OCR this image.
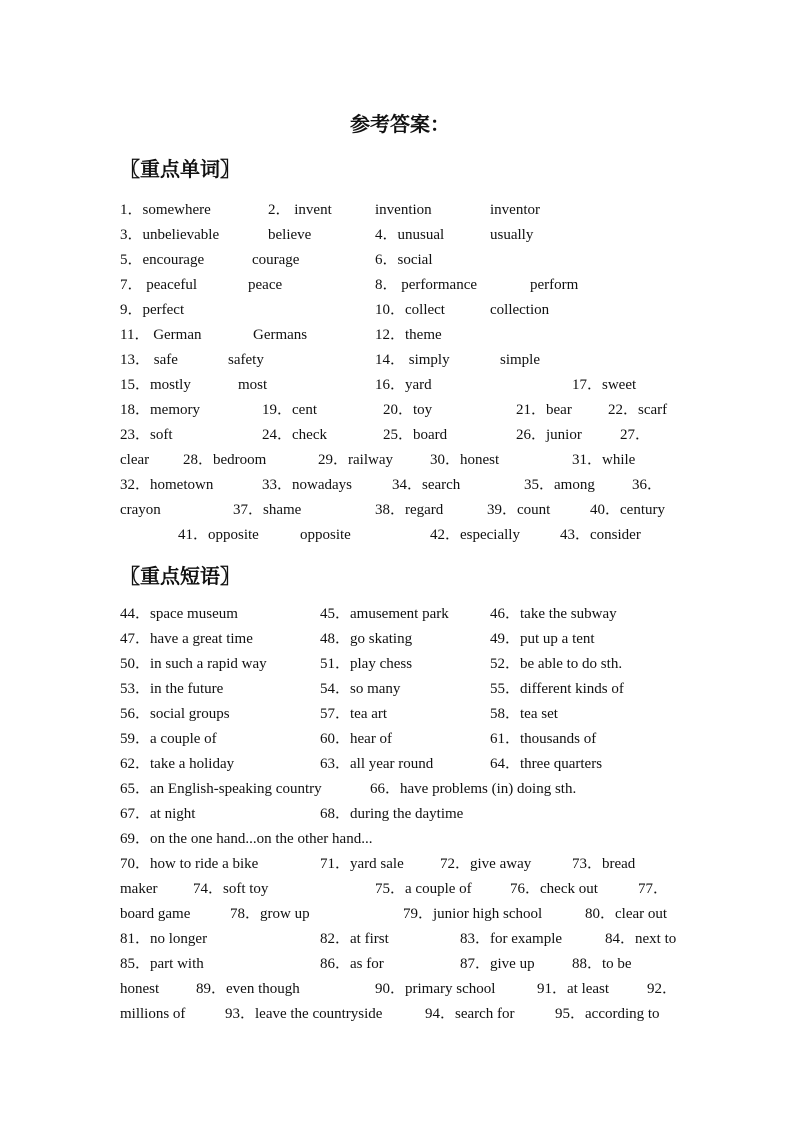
参考答案：
〖重点单词〗
1．somewhere	2． invent	invention	inventor
3．unbelievable	believe	4．unusual	usually
5．encourage	courage	6．social
7． peaceful	peace	8． performance	perform
9．perfect	10．collect	collection
11． German	Germans	12．theme
13． safe	safety	14． simply	simple
15．mostly	most	16．yard	17．sweet
18．memory	19．cent	20．toy	21．bear 22．scarf
23．soft	24．check	25．board	26．junior	27．
clear 28．bedroom	29．railway 30．honest	31．while
32．hometown	33．nowadays	34．search	35．among 36．
crayon	37．shame	38．regard	39．count	40．century
41．opposite	opposite	42．especially	43．consider
〖重点短语〗
44．space museum	45．amusement park	46．take the subway
47．have a great time	48．go skating	49．put up a tent
50．in such a rapid way	51．play chess	52．be able to do sth.
53．in the future	54．so many	55．different kinds of
56．social groups	57．tea art	58．tea set
59．a couple of	60．hear of	61．thousands of
62．take a holiday	63．all year round	64．three quarters
65．an English-speaking country	66．have problems (in) doing sth.
67．at night	68．during the daytime
69．on the one hand...on the other hand...
70．how to ride a bike	71．yard sale 72．give away	73．bread
maker 74．soft toy	75．a couple of	76．check out	77．
board game	78．grow up	79．junior high school	80．clear out
81．no longer	82．at first	83．for example	84．next to
85．part with	86．as for	87．give up 88．to be
honest 89．even though	90．primary school	91．at least	92．
millions of	93．leave the countryside	94．search for	95．according to
